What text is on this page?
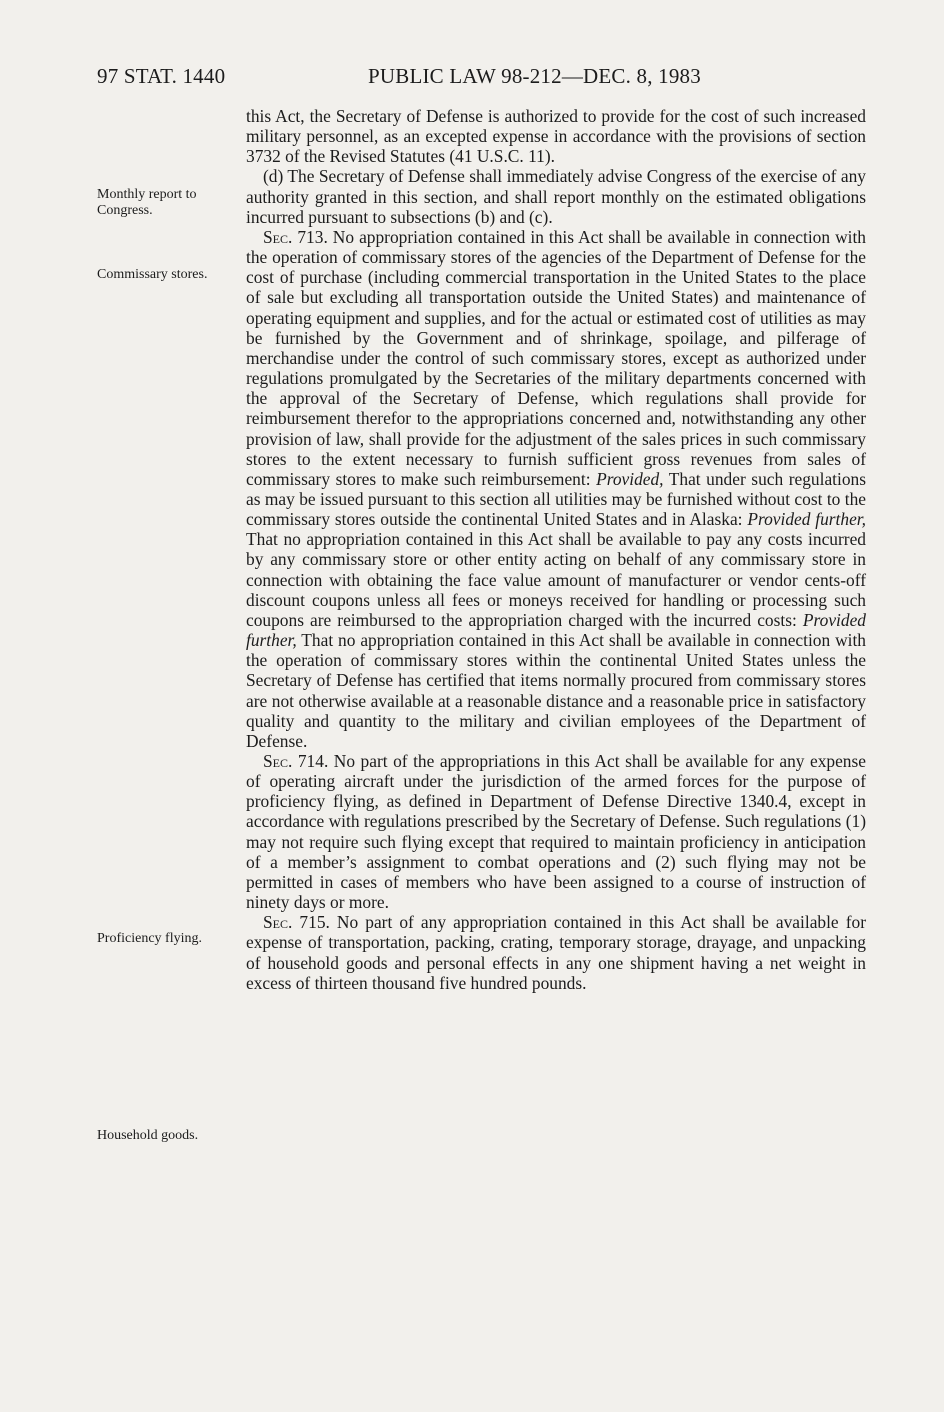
97 STAT. 1440	PUBLIC LAW 98-212—DEC. 8, 1983
Monthly report to Congress.
Commissary stores.
Proficiency flying.
Household goods.

this Act, the Secretary of Defense is authorized to provide for the cost of such increased military personnel, as an excepted expense in accordance with the provisions of section 3732 of the Revised Statutes (41 U.S.C. 11).

(d) The Secretary of Defense shall immediately advise Congress of the exercise of any authority granted in this section, and shall report monthly on the estimated obligations incurred pursuant to subsections (b) and (c).

Sec. 713. No appropriation contained in this Act shall be available in connection with the operation of commissary stores of the agencies of the Department of Defense for the cost of purchase (including commercial transportation in the United States to the place of sale but excluding all transportation outside the United States) and maintenance of operating equipment and supplies, and for the actual or estimated cost of utilities as may be furnished by the Government and of shrinkage, spoilage, and pilferage of merchandise under the control of such commissary stores, except as authorized under regulations promulgated by the Secretaries of the military departments concerned with the approval of the Secretary of Defense, which regulations shall provide for reimbursement therefor to the appropriations concerned and, notwithstanding any other provision of law, shall provide for the adjustment of the sales prices in such commissary stores to the extent necessary to furnish sufficient gross revenues from sales of commissary stores to make such reimbursement: Provided, That under such regulations as may be issued pursuant to this section all utilities may be furnished without cost to the commissary stores outside the continental United States and in Alaska: Provided further, That no appropriation contained in this Act shall be available to pay any costs incurred by any commissary store or other entity acting on behalf of any commissary store in connection with obtaining the face value amount of manufacturer or vendor cents-off discount coupons unless all fees or moneys received for handling or processing such coupons are reimbursed to the appropriation charged with the incurred costs: Provided further, That no appropriation contained in this Act shall be available in connection with the operation of commissary stores within the continental United States unless the Secretary of Defense has certified that items normally procured from commissary stores are not otherwise available at a reasonable distance and a reasonable price in satisfactory quality and quantity to the military and civilian employees of the Department of Defense.

Sec. 714. No part of the appropriations in this Act shall be available for any expense of operating aircraft under the jurisdiction of the armed forces for the purpose of proficiency flying, as defined in Department of Defense Directive 1340.4, except in accordance with regulations prescribed by the Secretary of Defense. Such regulations (1) may not require such flying except that required to maintain proficiency in anticipation of a member’s assignment to combat operations and (2) such flying may not be permitted in cases of members who have been assigned to a course of instruction of ninety days or more.

Sec. 715. No part of any appropriation contained in this Act shall be available for expense of transportation, packing, crating, temporary storage, drayage, and unpacking of household goods and personal effects in any one shipment having a net weight in excess of thirteen thousand five hundred pounds.
